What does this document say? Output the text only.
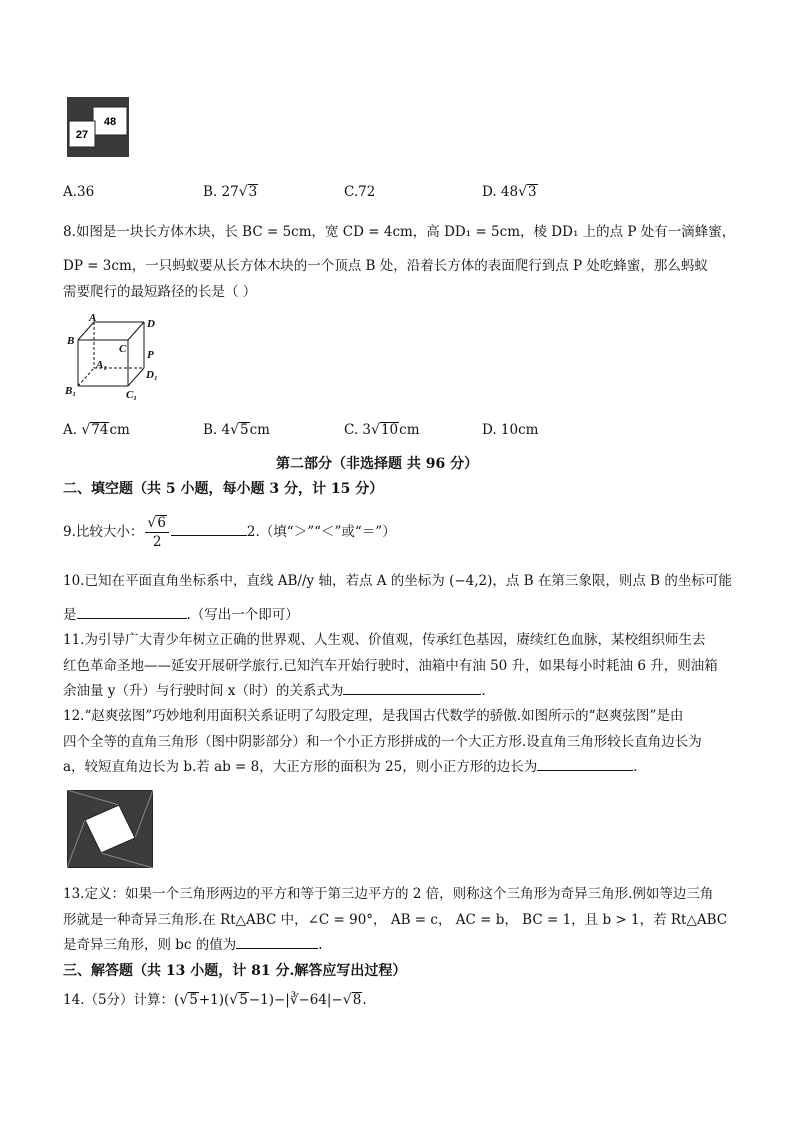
27
48
A.36	B. 27√3	C.72	D. 48√3
8.如图是一块长方体木块，长 BC = 5cm，宽 CD = 4cm，高 DD₁ = 5cm，棱 DD₁ 上的点 P 处有一滴蜂蜜，
DP = 3cm，一只蚂蚁要从长方体木块的一个顶点 B 处，沿着长方体的表面爬行到点 P 处吃蜂蜜，那么蚂蚁
需要爬行的最短路径的长是（ ）
A	D
B
C P
A₁
D₁
B₁	C₁
A. √74cm	B. 4√5cm	C. 3√10cm	D. 10cm
第二部分（非选择题 共 96 分）
二、填空题（共 5 小题，每小题 3 分，计 15 分）
9.比较大小： $\frac{√6}{2}$	2.（填“＞”“＜”或“＝”）
10.已知在平面直角坐标系中，直线 AB//y 轴，若点 A 的坐标为 (−4,2)，点 B 在第三象限，则点 B 的坐标可能
是	.（写出一个即可）
11.为引导广大青少年树立正确的世界观、人生观、价值观，传承红色基因，赓续红色血脉，某校组织师生去
红色革命圣地——延安开展研学旅行.已知汽车开始行驶时，油箱中有油 50 升，如果每小时耗油 6 升，则油箱
余油量 y（升）与行驶时间 x（时）的关系式为	.
12.“赵爽弦图”巧妙地利用面积关系证明了勾股定理，是我国古代数学的骄傲.如图所示的“赵爽弦图”是由
四个全等的直角三角形（图中阴影部分）和一个小正方形拼成的一个大正方形.设直角三角形较长直角边长为
a，较短直角边长为 b.若 ab = 8，大正方形的面积为 25，则小正方形的边长为	.
13.定义：如果一个三角形两边的平方和等于第三边平方的 2 倍，则称这个三角形为奇异三角形.例如等边三角
形就是一种奇异三角形.在 Rt△ABC 中，∠C = 90°， AB = c， AC = b， BC = 1，且 b > 1，若 Rt△ABC
是奇异三角形，则 bc 的值为	.
三、解答题（共 13 小题，计 81 分.解答应写出过程）
14.（5分）计算：(√5+1)(√5−1)−|∛−64|−√8.
